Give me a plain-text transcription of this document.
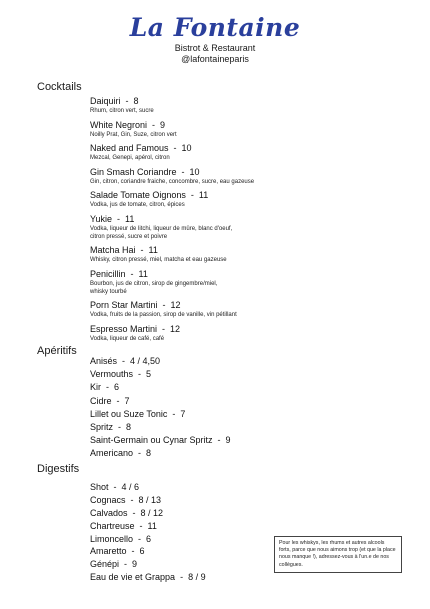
La Fontaine
Bistrot & Restaurant
@lafontaineparis
Cocktails
Daiquiri  -  8
Rhum, citron vert, sucre
White Negroni  -  9
Noilly Prat, Gin, Suze, citron vert
Naked and Famous  -  10
Mezcal, Genepi, apérol, citron
Gin Smash Coriandre  -  10
Gin, citron, coriandre fraiche, concombre, sucre, eau gazeuse
Salade Tomate Oignons  -  11
Vodka, jus de tomate, citron, épices
Yukie  -  11
Vodka, liqueur de litchi, liqueur de mûre, blanc d'oeuf,
citron pressé, sucre et poivre
Matcha Hai  -  11
Whisky, citron pressé, miel, matcha et eau gazeuse
Penicillin  -  11
Bourbon, jus de citron, sirop de gingembre/miel,
whisky tourbé
Porn Star Martini  -  12
Vodka, fruits de la passion, sirop de vanille, vin pétillant
Espresso Martini  -  12
Vodka, liqueur de café, café
Apéritifs
Anisés  -  4 / 4,50
Vermouths  -  5
Kir  -  6
Cidre  -  7
Lillet ou Suze Tonic  -  7
Spritz  -  8
Saint-Germain ou Cynar Spritz  -  9
Americano  -  8
Digestifs
Shot  -  4 / 6
Cognacs  -  8 / 13
Calvados  -  8 / 12
Chartreuse  -  11
Limoncello  -  6
Amaretto  -  6
Génépi  -  9
Eau de vie et Grappa  -  8 / 9
Pour les whiskys, les rhums et autres alcools forts, parce que nous aimons trop (et que la place nous manque !), adressez-vous à l'un.e de nos collègues.
